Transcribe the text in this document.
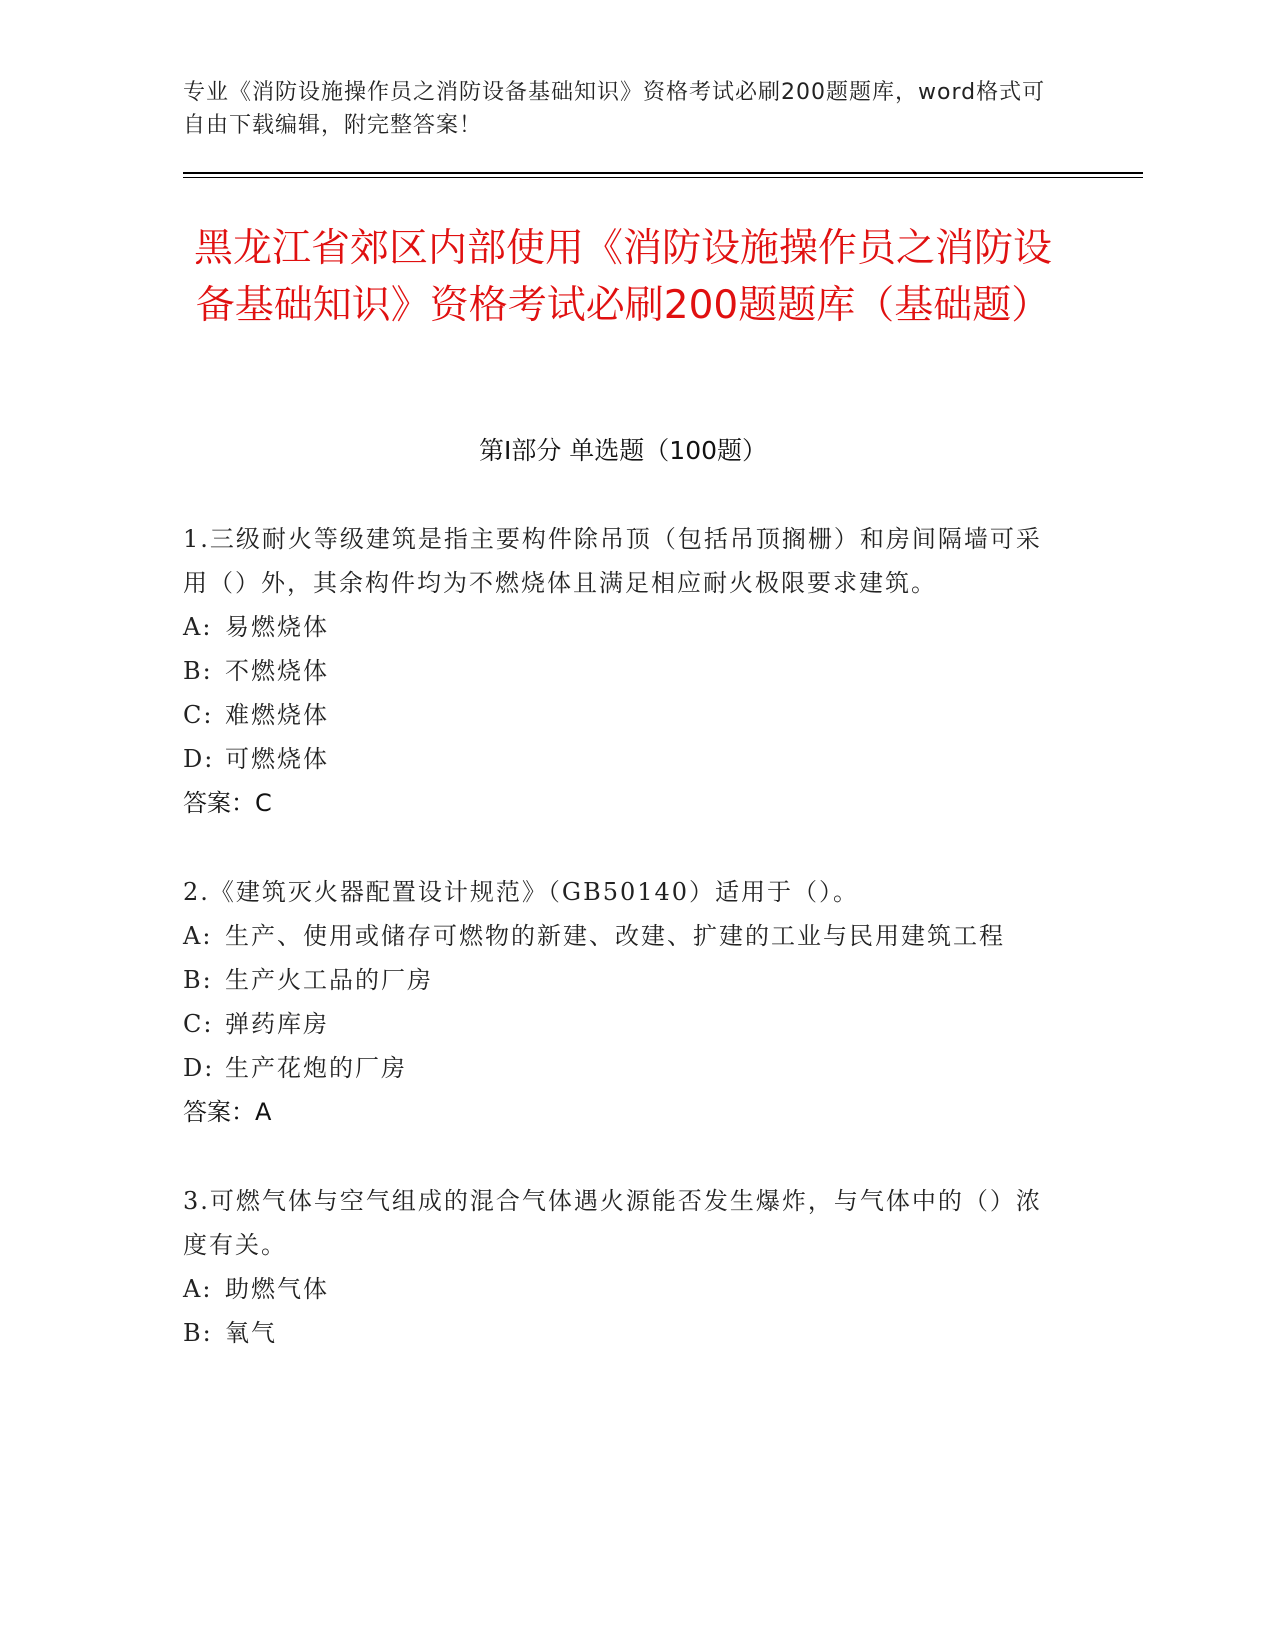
专业《消防设施操作员之消防设备基础知识》资格考试必刷200题题库，word格式可自由下载编辑，附完整答案！
黑龙江省郊区内部使用《消防设施操作员之消防设备基础知识》资格考试必刷200题题库（基础题）
第Ⅰ部分 单选题（100题）
1.三级耐火等级建筑是指主要构件除吊顶（包括吊顶搁栅）和房间隔墙可采用（）外，其余构件均为不燃烧体且满足相应耐火极限要求建筑。
A: 易燃烧体
B: 不燃烧体
C: 难燃烧体
D: 可燃烧体
答案：C
2.《建筑灭火器配置设计规范》（GB50140）适用于（）。
A: 生产、使用或储存可燃物的新建、改建、扩建的工业与民用建筑工程
B: 生产火工品的厂房
C: 弹药库房
D: 生产花炮的厂房
答案：A
3.可燃气体与空气组成的混合气体遇火源能否发生爆炸，与气体中的（）浓度有关。
A: 助燃气体
B: 氧气
